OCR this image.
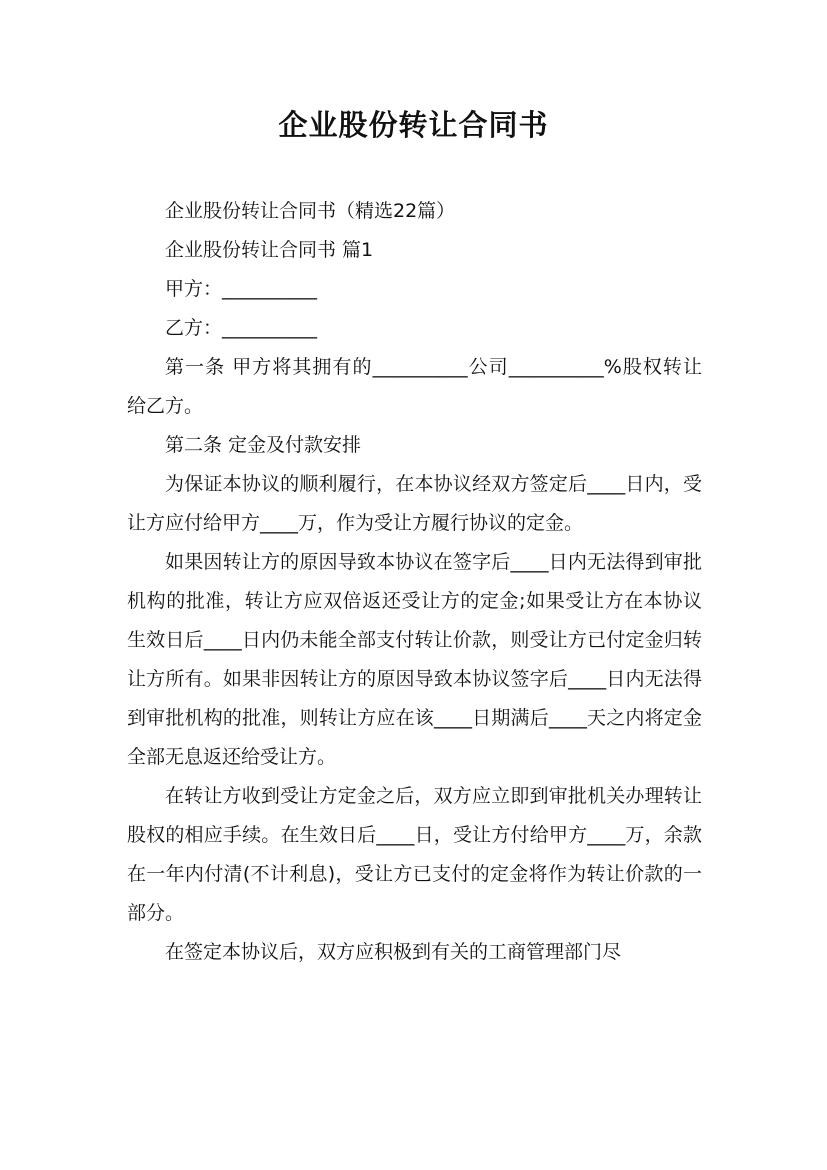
企业股份转让合同书

企业股份转让合同书（精选22篇）

企业股份转让合同书 篇1

甲方：__________

乙方：__________

第一条 甲方将其拥有的__________公司__________%股权转让给乙方。

第二条 定金及付款安排

为保证本协议的顺利履行，在本协议经双方签定后____日内，受让方应付给甲方____万，作为受让方履行协议的定金。

如果因转让方的原因导致本协议在签字后____日内无法得到审批机构的批准，转让方应双倍返还受让方的定金;如果受让方在本协议生效日后____日内仍未能全部支付转让价款，则受让方已付定金归转让方所有。如果非因转让方的原因导致本协议签字后____日内无法得到审批机构的批准，则转让方应在该____日期满后____天之内将定金全部无息返还给受让方。

在转让方收到受让方定金之后，双方应立即到审批机关办理转让股权的相应手续。在生效日后____日，受让方付给甲方____万，余款在一年内付清(不计利息)，受让方已支付的定金将作为转让价款的一部分。

在签定本协议后，双方应积极到有关的工商管理部门尽
